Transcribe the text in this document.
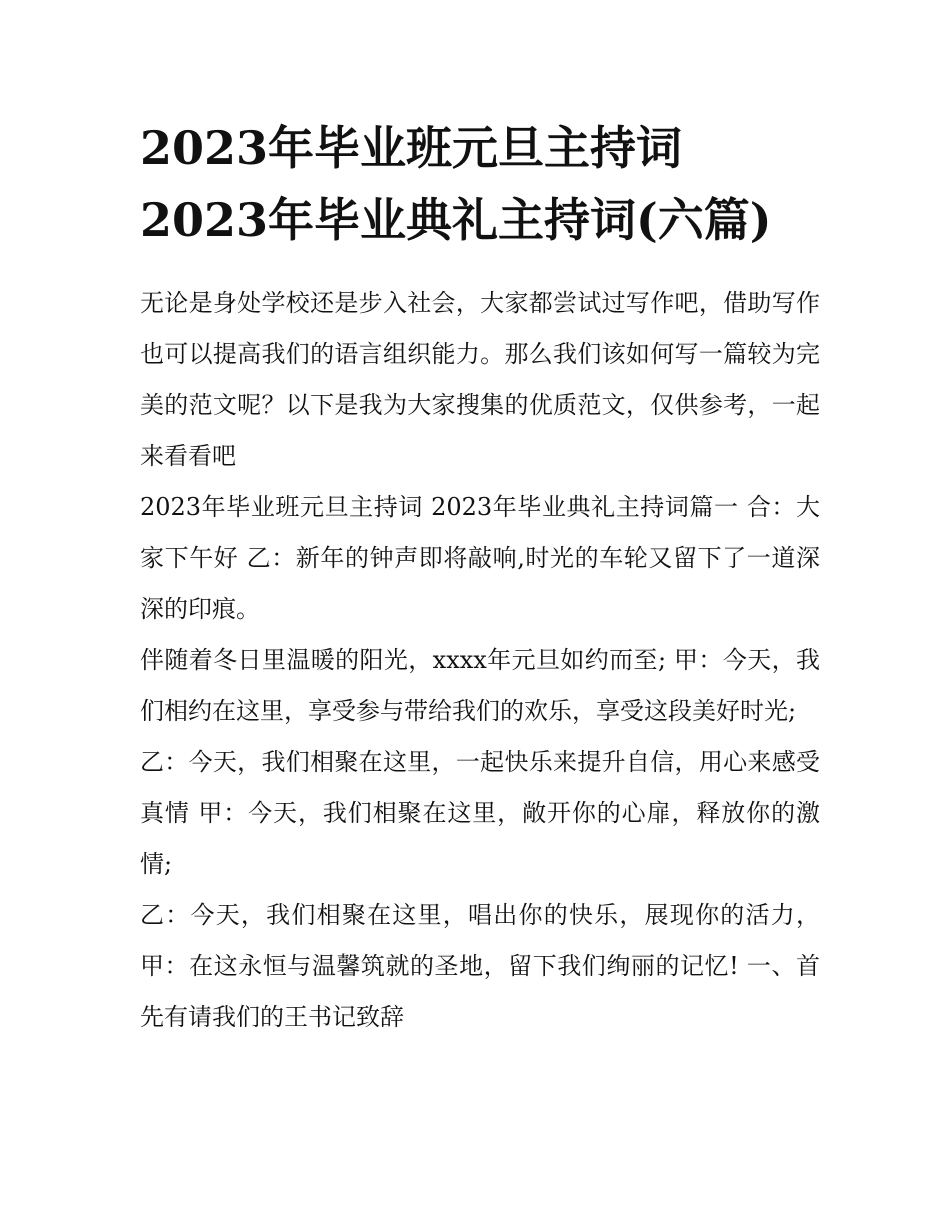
2023年毕业班元旦主持词
2023年毕业典礼主持词(六篇)

无论是身处学校还是步入社会，大家都尝试过写作吧，借助写作也可以提高我们的语言组织能力。那么我们该如何写一篇较为完美的范文呢？以下是我为大家搜集的优质范文，仅供参考，一起来看看吧

2023年毕业班元旦主持词 2023年毕业典礼主持词篇一 合：大家下午好 乙：新年的钟声即将敲响,时光的车轮又留下了一道深深的印痕。

伴随着冬日里温暖的阳光，xxxx年元旦如约而至; 甲：今天，我们相约在这里，享受参与带给我们的欢乐，享受这段美好时光;

乙：今天，我们相聚在这里，一起快乐来提升自信，用心来感受真情 甲：今天，我们相聚在这里，敞开你的心扉，释放你的激情;

乙：今天，我们相聚在这里，唱出你的快乐，展现你的活力，甲：在这永恒与温馨筑就的圣地，留下我们绚丽的记忆! 一、首先有请我们的王书记致辞
